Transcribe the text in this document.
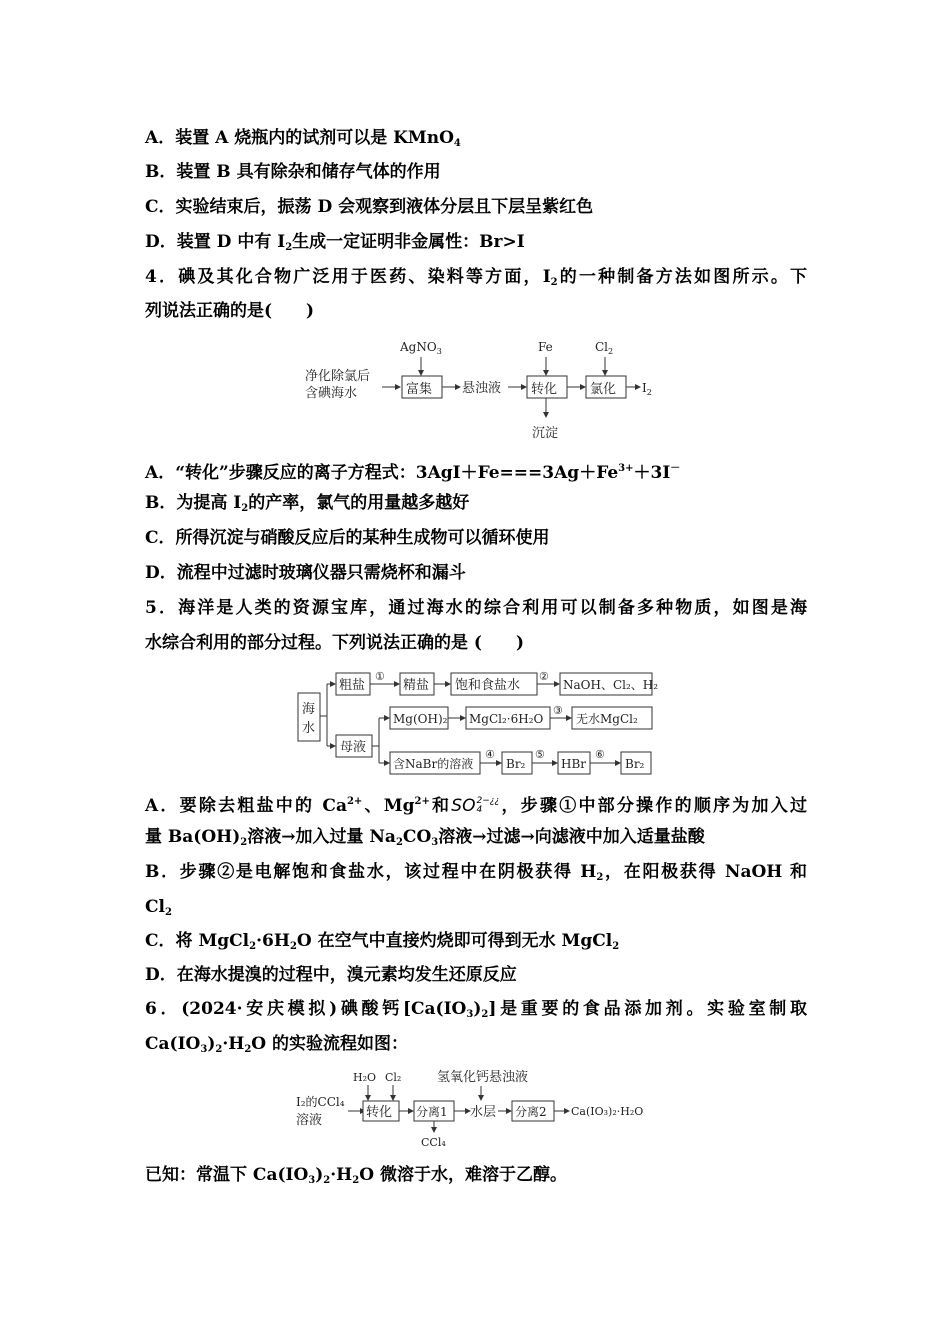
A．装置 A 烧瓶内的试剂可以是 KMnO$_4$
B．装置 B 具有除杂和储存气体的作用
C．实验结束后，振荡 D 会观察到液体分层且下层呈紫红色
D．装置 D 中有 $I_2$生成一定证明非金属性：Br>I
4．碘及其化合物广泛用于医药、染料等方面，$I_2$的一种制备方法如图所示。下
列说法正确的是(　　)
净化除氯后
含碘海水
AgNO$_3$
富集 悬浊液
Fe
转化
沉淀
$Cl_2$
氯化 $I_2$
A．“转化”步骤反应的离子方程式：$3AgI+Fe===3Ag+Fe^{3+}+3I^-$
B．为提高 $I_2$的产率，氯气的用量越多越好
C．所得沉淀与硝酸反应后的某种生成物可以循环使用
D．流程中过滤时玻璃仪器只需烧杯和漏斗
5．海洋是人类的资源宝库，通过海水的综合利用可以制备多种物质，如图是海
水综合利用的部分过程。下列说法正确的是 (　　)
海
水
粗盐
①
精盐 饱和食盐水
②
NaOH、Cl₂、H₂
母液
Mg(OH)₂ MgCl₂·6H₂O
③
无水MgCl₂
含NaBr的溶液
④
Br₂
⑤
HBr
⑥
Br₂
A．要除去粗盐中的 $Ca^{2+}$、$Mg^{2+}$和SO 2−¿¿
4	，步骤①中部分操作的顺序为加入过
量 $Ba(OH)_2$溶液→加入过量 $Na_2CO_3$溶液→过滤→向滤液中加入适量盐酸
B．步骤②是电解饱和食盐水，该过程中在阴极获得 $H_2$，在阳极获得 NaOH 和
$Cl_2$
C．将 $MgCl_2\cdot 6H_2O$ 在空气中直接灼烧即可得到无水 MgCl$_2$
D．在海水提溴的过程中，溴元素均发生还原反应
6．(2024·安庆模拟)碘酸钙$[Ca(IO_3)_2]$是重要的食品添加剂。实验室制取
$Ca(IO_3)_2\cdot H_2O$ 的实验流程如图：
I₂的CCl₄
溶液
H₂O Cl₂
转化 分离1
CCl₄
氢氧化钙悬浊液
水层 分离2 Ca(IO₃)₂·H₂O
已知：常温下 $Ca(IO_3)_2\cdot H_2O$ 微溶于水，难溶于乙醇。
